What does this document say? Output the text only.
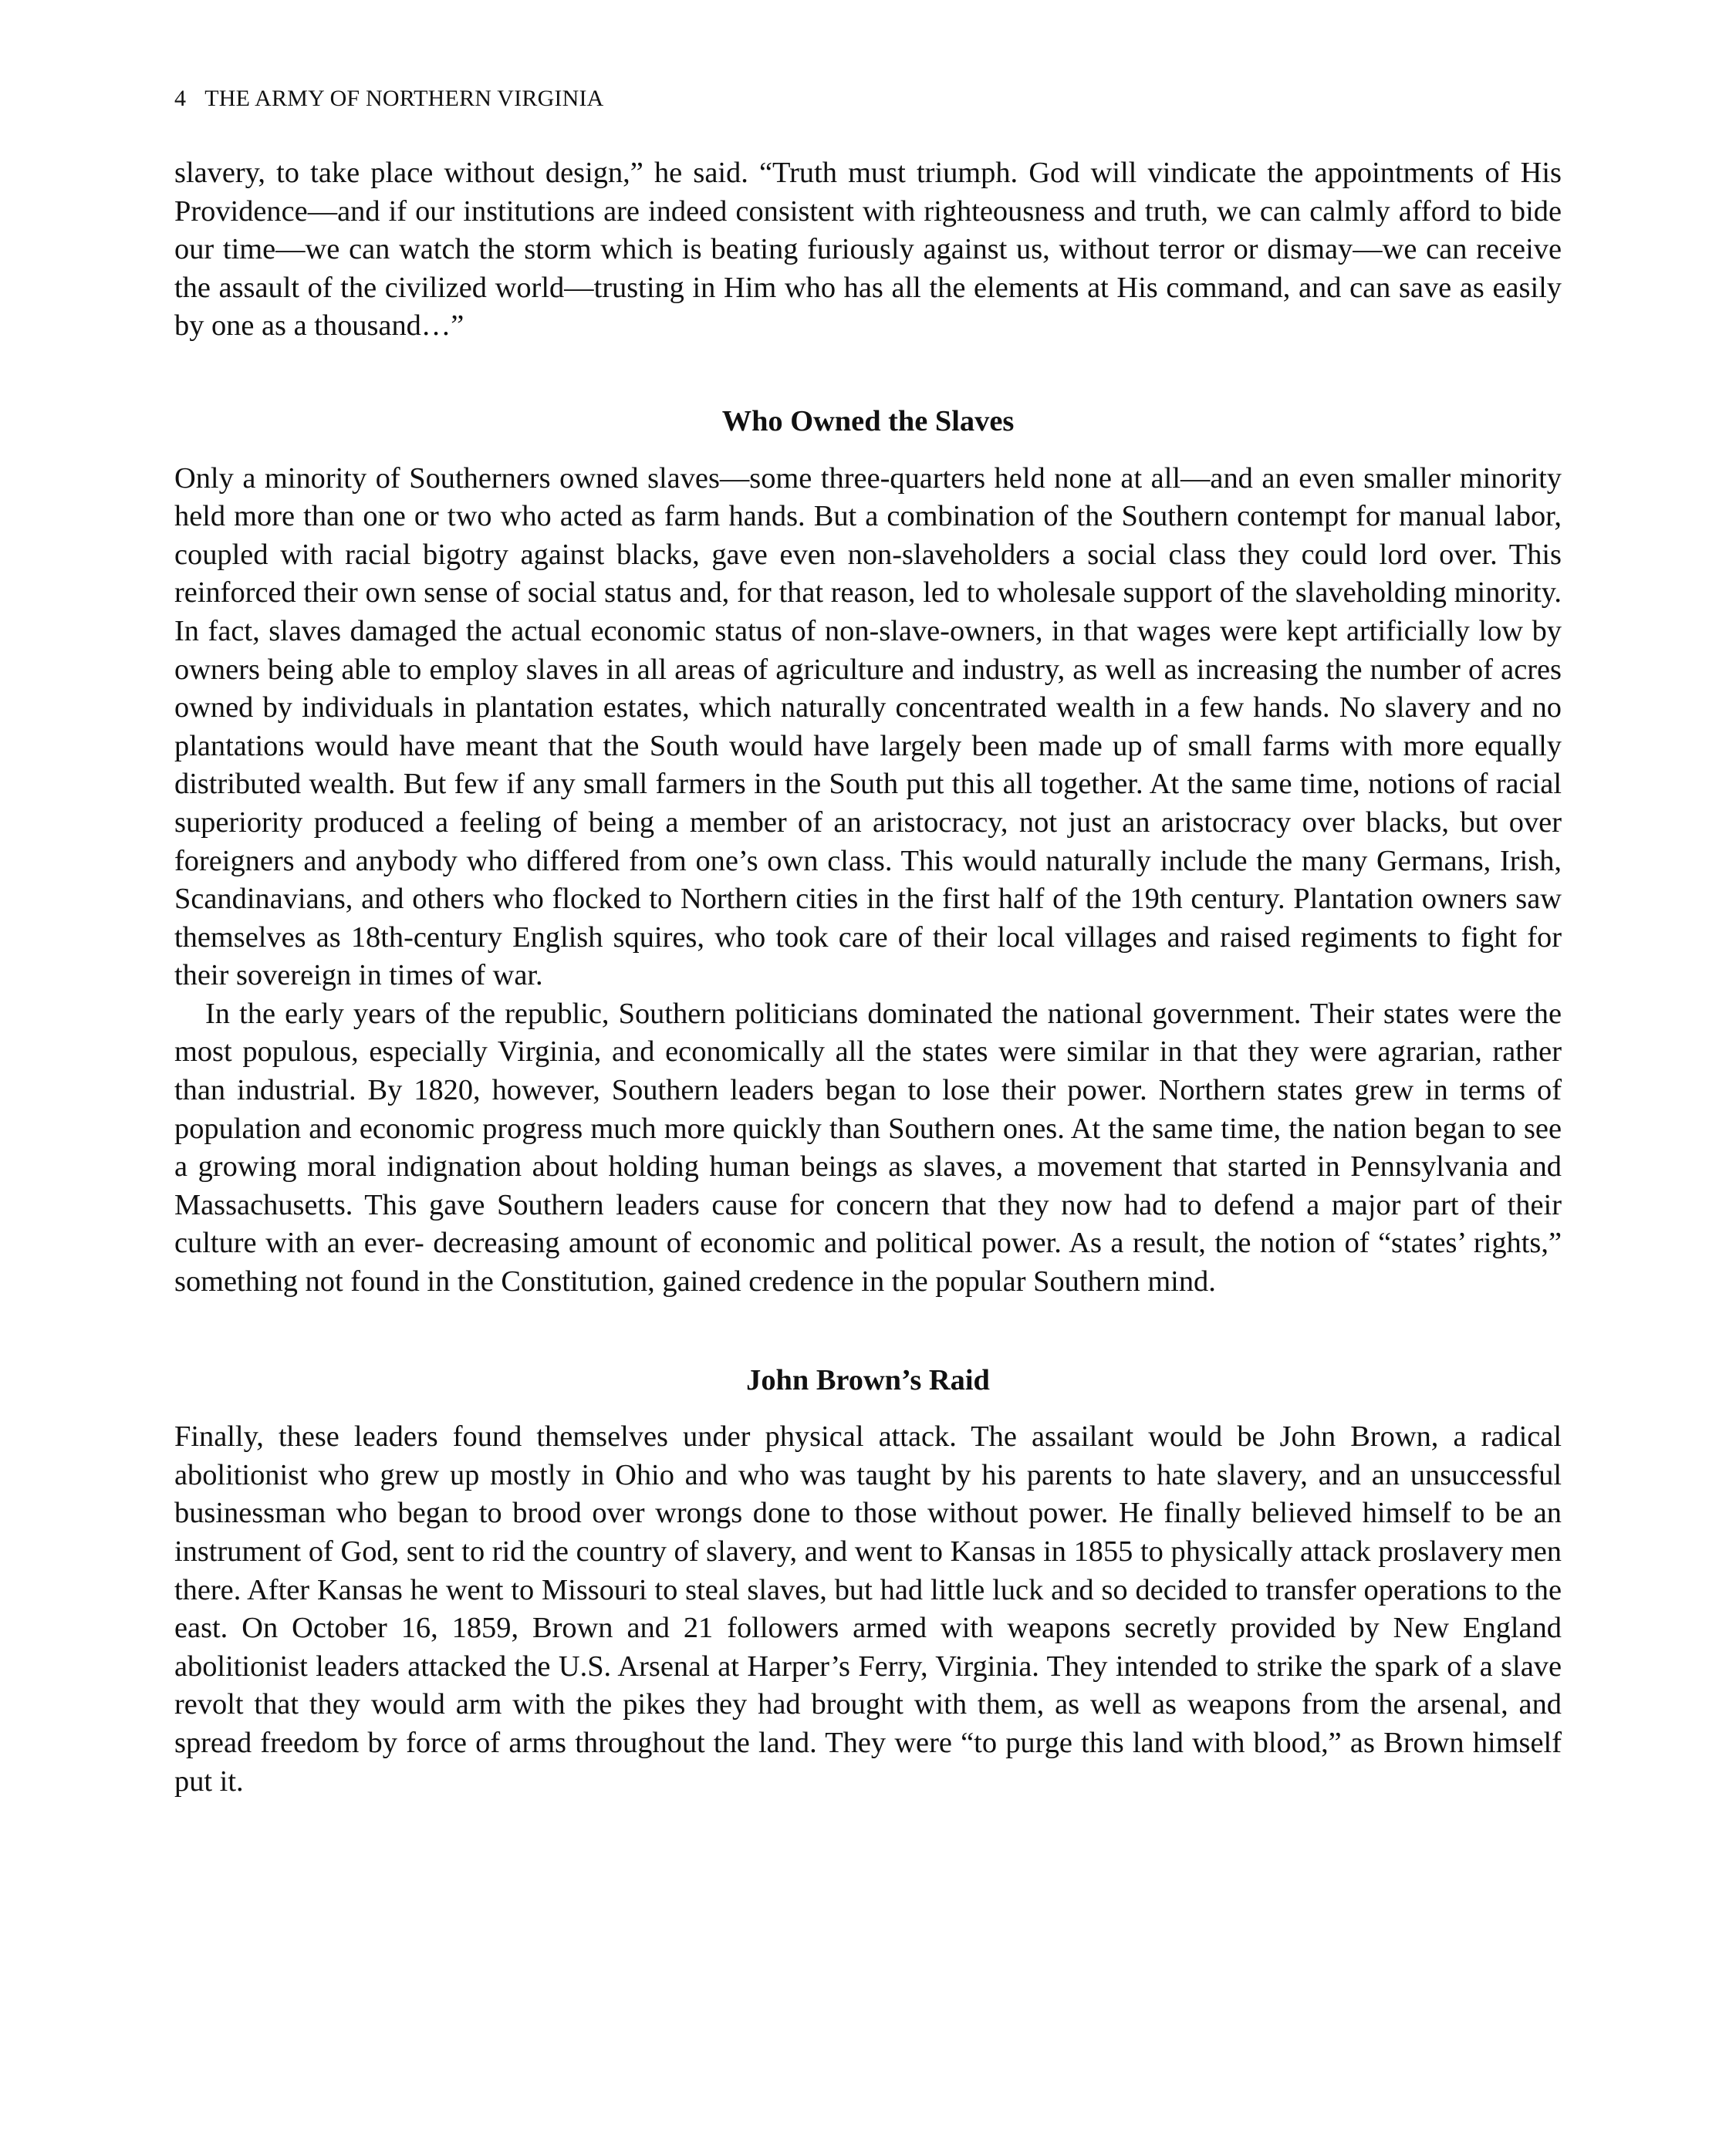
4 THE ARMY OF NORTHERN VIRGINIA

slavery, to take place without design,” he said. “Truth must triumph. God will vindicate the appointments of His Providence—and if our institutions are indeed consistent with righteousness and truth, we can calmly afford to bide our time—we can watch the storm which is beating furiously against us, without terror or dismay—we can receive the assault of the civilized world—trusting in Him who has all the elements at His command, and can save as easily by one as a thousand…”

Who Owned the Slaves

Only a minority of Southerners owned slaves—some three-quarters held none at all—and an even smaller minority held more than one or two who acted as farm hands. But a combination of the Southern contempt for manual labor, coupled with racial bigotry against blacks, gave even non-slaveholders a social class they could lord over. This reinforced their own sense of social status and, for that reason, led to wholesale support of the slaveholding minority. In fact, slaves damaged the actual economic status of non-slave-owners, in that wages were kept artificially low by owners being able to employ slaves in all areas of agriculture and industry, as well as increasing the number of acres owned by individuals in plantation estates, which naturally concentrated wealth in a few hands. No slavery and no plantations would have meant that the South would have largely been made up of small farms with more equally distributed wealth. But few if any small farmers in the South put this all together. At the same time, notions of racial superiority produced a feeling of being a member of an aristocracy, not just an aristocracy over blacks, but over foreigners and anybody who differed from one’s own class. This would naturally include the many Germans, Irish, Scandinavians, and others who flocked to Northern cities in the first half of the 19th century. Plantation owners saw themselves as 18th-century English squires, who took care of their local villages and raised regiments to fight for their sovereign in times of war.

In the early years of the republic, Southern politicians dominated the national government. Their states were the most populous, especially Virginia, and economically all the states were similar in that they were agrarian, rather than industrial. By 1820, however, Southern leaders began to lose their power. Northern states grew in terms of population and economic progress much more quickly than Southern ones. At the same time, the nation began to see a growing moral indignation about holding human beings as slaves, a movement that started in Pennsylvania and Massachusetts. This gave Southern leaders cause for concern that they now had to defend a major part of their culture with an ever- decreasing amount of economic and political power. As a result, the notion of “states’ rights,” something not found in the Constitution, gained credence in the popular Southern mind.

John Brown’s Raid

Finally, these leaders found themselves under physical attack. The assailant would be John Brown, a radical abolitionist who grew up mostly in Ohio and who was taught by his parents to hate slavery, and an unsuccessful businessman who began to brood over wrongs done to those without power. He finally believed himself to be an instrument of God, sent to rid the country of slavery, and went to Kansas in 1855 to physically attack proslavery men there. After Kansas he went to Missouri to steal slaves, but had little luck and so decided to transfer operations to the east. On October 16, 1859, Brown and 21 followers armed with weapons secretly provided by New England abolitionist leaders attacked the U.S. Arsenal at Harper’s Ferry, Virginia. They intended to strike the spark of a slave revolt that they would arm with the pikes they had brought with them, as well as weapons from the arsenal, and spread freedom by force of arms throughout the land. They were “to purge this land with blood,” as Brown himself put it.
